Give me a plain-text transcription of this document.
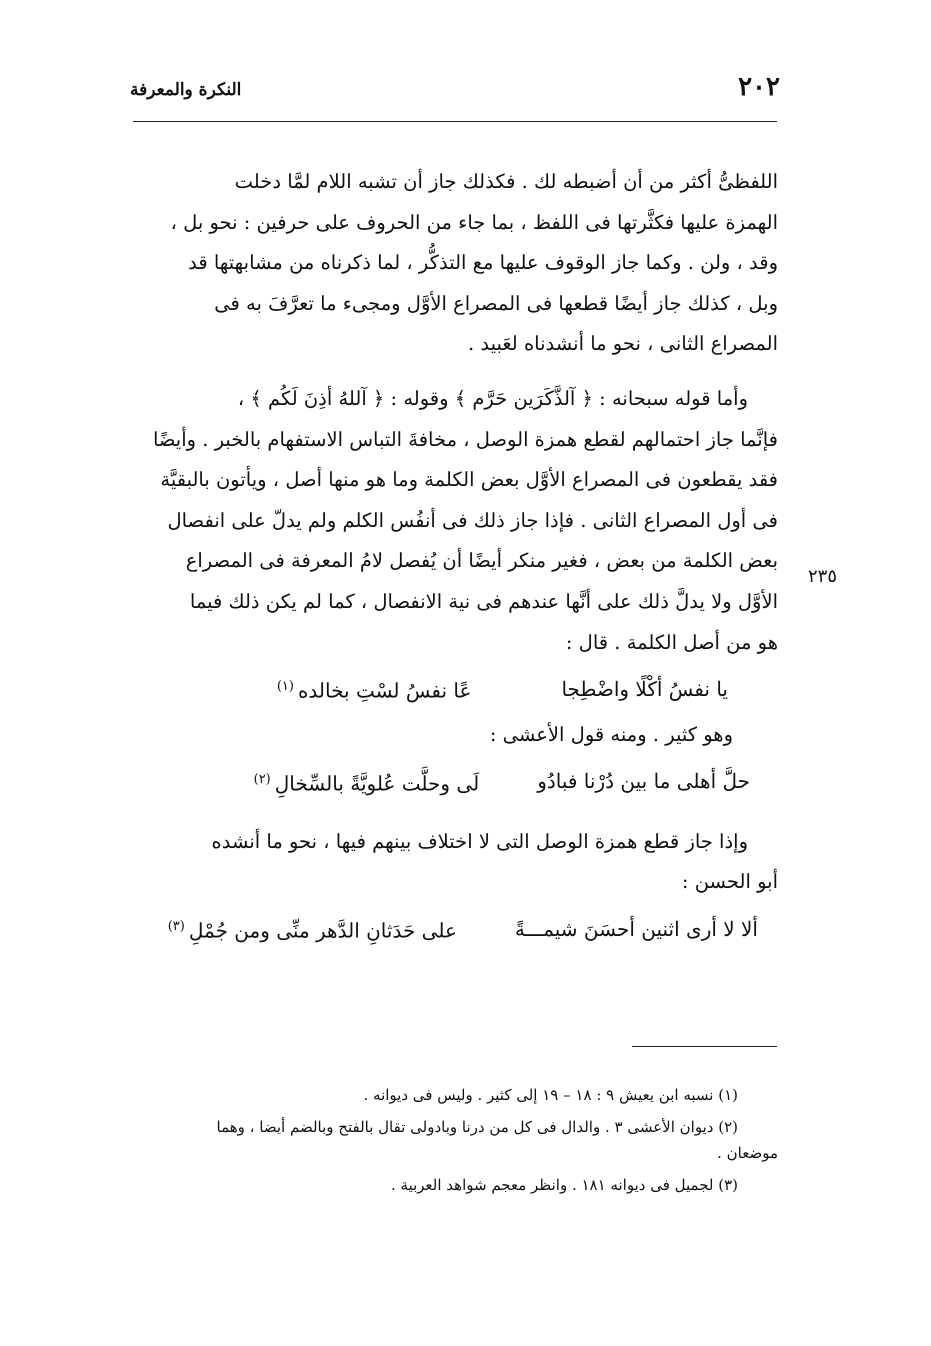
٢٠٢
النكرة والمعرفة
٢٣٥

اللفظىُّ أكثر من أن أضبطه لك . فكذلك جاز أن تشبه اللام لمَّا دخلت

الهمزة عليها فكثَّرتها فى اللفظ ، بما جاء من الحروف على حرفين : نحو بل ،

وقد ، ولن . وكما جاز الوقوف عليها مع التذكُّر ، لما ذكرناه من مشابهتها قد

وبل ، كذلك جاز أيضًا قطعها فى المصراع الأوَّل ومجىء ما تعرَّفَ به فى

المصراع الثانى ، نحو ما أنشدناه لعَبيد .

وأما قوله سبحانه : ﴿ آلذَّكَرَين حَرَّم ﴾ وقوله : ﴿ آللهُ أذِنَ لَكُم ﴾ ،

فإنَّما جاز احتمالهم لقطع همزة الوصل ، مخافةَ التباس الاستفهام بالخبر . وأيضًا

فقد يقطعون فى المصراع الأوَّل بعض الكلمة وما هو منها أصل ، ويأتون بالبقيَّة

فى أول المصراع الثانى . فإذا جاز ذلك فى أنفُس الكلم ولم يدلّ على انفصال

بعض الكلمة من بعض ، فغير منكر أيضًا أن يُفصل لامُ المعرفة فى المصراع

الأوَّل ولا يدلَّ ذلك على أنَّها عندهم فى نية الانفصال ، كما لم يكن ذلك فيما

هو من أصل الكلمة . قال :

يا نفسُ أكْلًا واضْطِجا
عًا نفسُ لسْتِ بخالده$^{(١)}$

وهو كثير . ومنه قول الأعشى :

حلَّ أهلى ما بين دُرْنا فبادُو
لَى وحلَّت عُلويَّةً بالسِّخالِ$^{(٢)}$

وإذا جاز قطع همزة الوصل التى لا اختلاف بينهم فيها ، نحو ما أنشده

أبو الحسن :

ألا لا أرى اثنين أحسَنَ شيمـــةً
على حَدَثانِ الدَّهر منِّى ومن جُمْلِ$^{(٣)}$

(١) نسبه ابن يعيش ٩ : ١٨ – ١٩ إلى كثير . وليس فى ديوانه .

(٢) ديوان الأعشى ٣ . والدال فى كل من درنا وبادولى تقال بالفتح وبالضم أيضا ، وهما

موضعان .

(٣) لجميل فى ديوانه ١٨١ . وانظر معجم شواهد العربية .
